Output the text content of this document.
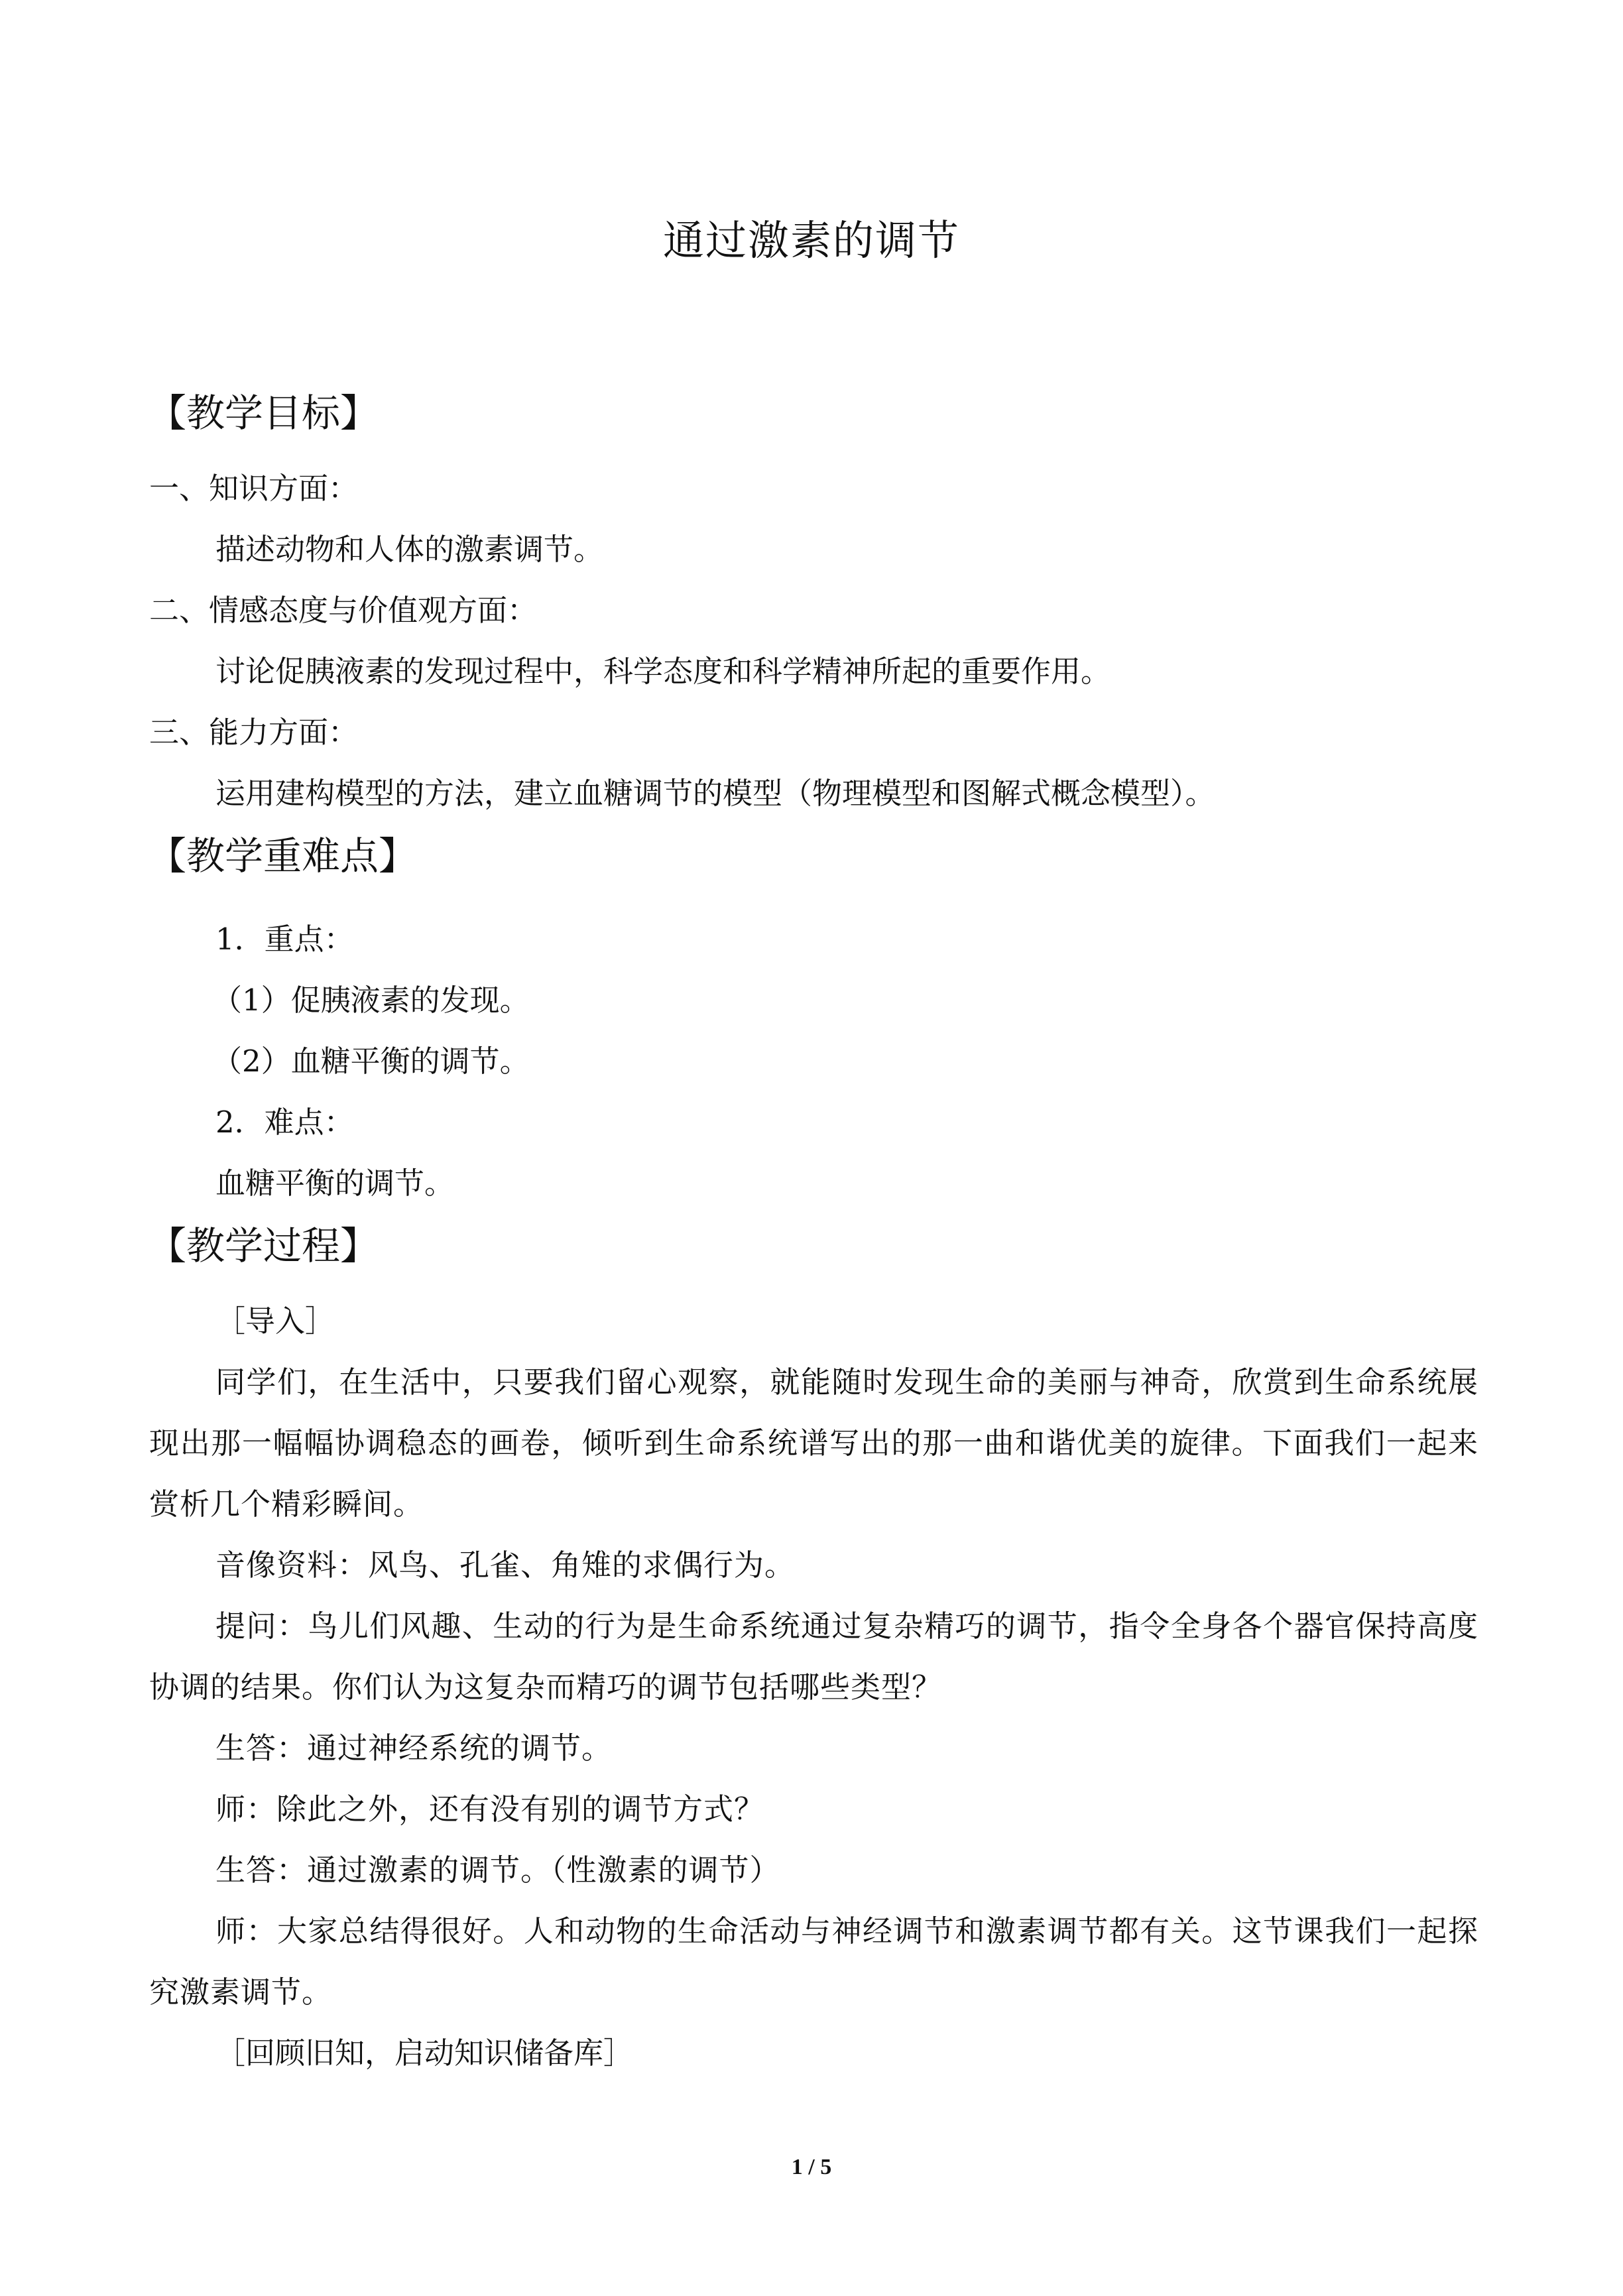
通过激素的调节
【教学目标】
一、知识方面：
描述动物和人体的激素调节。
二、情感态度与价值观方面：
讨论促胰液素的发现过程中，科学态度和科学精神所起的重要作用。
三、能力方面：
运用建构模型的方法，建立血糖调节的模型（物理模型和图解式概念模型）。
【教学重难点】
1．重点：
（1）促胰液素的发现。
（2）血糖平衡的调节。
2．难点：
血糖平衡的调节。
【教学过程】
［导入］
同学们，在生活中，只要我们留心观察，就能随时发现生命的美丽与神奇，欣赏到生命系统展现出那一幅幅协调稳态的画卷，倾听到生命系统谱写出的那一曲和谐优美的旋律。下面我们一起来赏析几个精彩瞬间。
音像资料：风鸟、孔雀、角雉的求偶行为。
提问：鸟儿们风趣、生动的行为是生命系统通过复杂精巧的调节，指令全身各个器官保持高度协调的结果。你们认为这复杂而精巧的调节包括哪些类型？
生答：通过神经系统的调节。
师：除此之外，还有没有别的调节方式？
生答：通过激素的调节。（性激素的调节）
师：大家总结得很好。人和动物的生命活动与神经调节和激素调节都有关。这节课我们一起探究激素调节。
［回顾旧知，启动知识储备库］
1 / 5
